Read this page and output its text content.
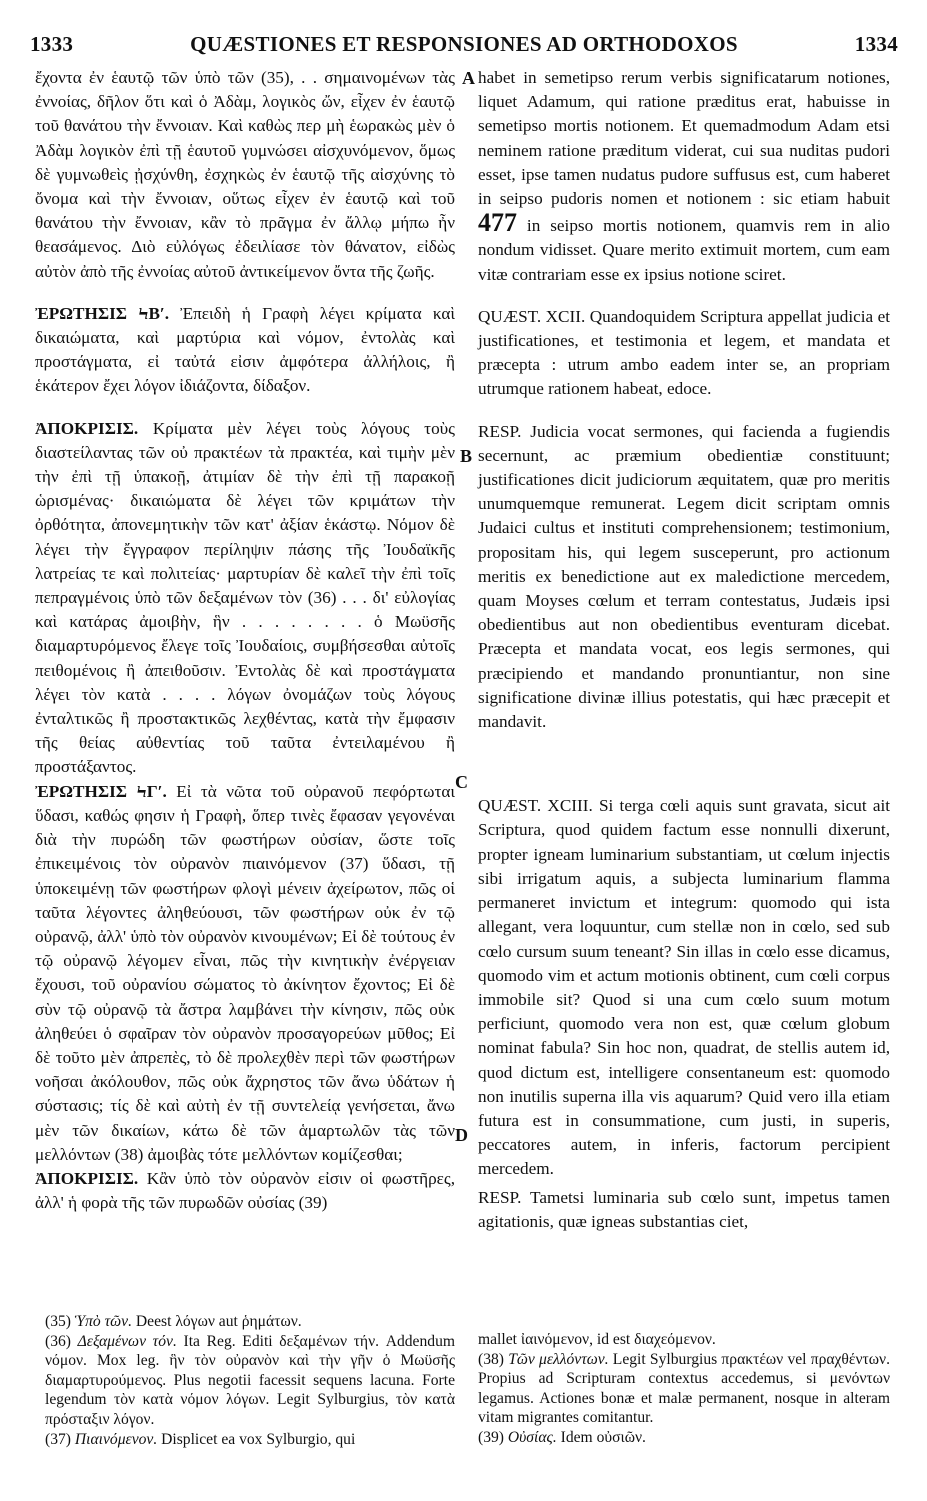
QUÆSTIONES ET RESPONSIONES AD ORTHODOXOS
1333	1334
A
B
C
D

ἔχοντα ἐν ἑαυτῷ τῶν ὑπὸ τῶν (35), . . σημαινομένων τὰς ἐννοίας, δῆλον ὅτι καὶ ὁ Ἀδὰμ, λογικὸς ὤν, εἶχεν ἐν ἑαυτῷ τοῦ θανάτου τὴν ἔννοιαν. Καὶ καθὼς περ μὴ ἑωρακὼς μὲν ὁ Ἀδὰμ λογικὸν ἐπὶ τῇ ἑαυτοῦ γυμνώσει αἰσχυνόμενον, ὅμως δὲ γυμνωθεὶς ᾐσχύνθη, ἐσχηκὼς ἐν ἑαυτῷ τῆς αἰσχύνης τὸ ὄνομα καὶ τὴν ἔννοιαν, οὕτως εἶχεν ἐν ἑαυτῷ καὶ τοῦ θανάτου τὴν ἔννοιαν, κἂν τὸ πρᾶγμα ἐν ἄλλῳ μήπω ἦν θεασάμενος. Διὸ εὐλόγως ἐδειλίασε τὸν θάνατον, εἰδὼς αὐτὸν ἀπὸ τῆς ἐννοίας αὐτοῦ ἀντικείμενον ὄντα τῆς ζωῆς.

ἘΡΩΤΗΣΙΣ ϞΒʹ. Ἐπειδὴ ἡ Γραφὴ λέγει κρίματα καὶ δικαιώματα, καὶ μαρτύρια καὶ νόμον, ἐντολὰς καὶ προστάγματα, εἰ ταὐτά εἰσιν ἀμφότερα ἀλλήλοις, ἢ ἑκάτερον ἔχει λόγον ἰδιάζοντα, δίδαξον.

ἈΠΟΚΡΙΣΙΣ. Κρίματα μὲν λέγει τοὺς λόγους τοὺς διαστείλαντας τῶν οὐ πρακτέων τὰ πρακτέα, καὶ τιμὴν μὲν τὴν ἐπὶ τῇ ὑπακοῇ, ἀτιμίαν δὲ τὴν ἐπὶ τῇ παρακοῇ ὡρισμένας· δικαιώματα δὲ λέγει τῶν κριμάτων τὴν ὀρθότητα, ἀπονεμητικὴν τῶν κατ' ἀξίαν ἑκάστῳ. Νόμον δὲ λέγει τὴν ἔγγραφον περίληψιν πάσης τῆς Ἰουδαϊκῆς λατρείας τε καὶ πολιτείας· μαρτυρίαν δὲ καλεῖ τὴν ἐπὶ τοῖς πεπραγμένοις ὑπὸ τῶν δεξαμένων τὸν (36) . . . δι' εὐλογίας καὶ κατάρας ἀμοιβὴν, ἣν . . . . . . . . ὁ Μωϋσῆς διαμαρτυρόμενος ἔλεγε τοῖς Ἰουδαίοις, συμβήσεσθαι αὐτοῖς πειθομένοις ἢ ἀπειθοῦσιν. Ἐντολὰς δὲ καὶ προστάγματα λέγει τὸν κατὰ . . . . λόγων ὀνομάζων τοὺς λόγους ἐνταλτικῶς ἢ προστακτικῶς λεχθέντας, κατὰ τὴν ἔμφασιν τῆς θείας αὐθεντίας τοῦ ταῦτα ἐντειλαμένου ἢ προστάξαντος.

ἘΡΩΤΗΣΙΣ ϞΓʹ. Εἰ τὰ νῶτα τοῦ οὐρανοῦ πεφόρτωται ὕδασι, καθώς φησιν ἡ Γραφὴ, ὅπερ τινὲς ἔφασαν γεγονέναι διὰ τὴν πυρώδη τῶν φωστήρων οὐσίαν, ὥστε τοῖς ἐπικειμένοις τὸν οὐρανὸν πιαινόμενον (37) ὕδασι, τῇ ὑποκειμένῃ τῶν φωστήρων φλογὶ μένειν ἀχείρωτον, πῶς οἱ ταῦτα λέγοντες ἀληθεύουσι, τῶν φωστήρων οὐκ ἐν τῷ οὐρανῷ, ἀλλ' ὑπὸ τὸν οὐρανὸν κινουμένων; Εἰ δὲ τούτους ἐν τῷ οὐρανῷ λέγομεν εἶναι, πῶς τὴν κινητικὴν ἐνέργειαν ἔχουσι, τοῦ οὐρανίου σώματος τὸ ἀκίνητον ἔχοντος; Εἰ δὲ σὺν τῷ οὐρανῷ τὰ ἄστρα λαμβάνει τὴν κίνησιν, πῶς οὐκ ἀληθεύει ὁ σφαῖραν τὸν οὐρανὸν προσαγορεύων μῦθος; Εἰ δὲ τοῦτο μὲν ἀπρεπὲς, τὸ δὲ προλεχθὲν περὶ τῶν φωστήρων νοῆσαι ἀκόλουθον, πῶς οὐκ ἄχρηστος τῶν ἄνω ὑδάτων ἡ σύστασις; τίς δὲ καὶ αὐτὴ ἐν τῇ συντελείᾳ γενήσεται, ἄνω μὲν τῶν δικαίων, κάτω δὲ τῶν ἁμαρτωλῶν τὰς τῶν μελλόντων (38) ἀμοιβὰς τότε μελλόντων κομίζεσθαι;

ἈΠΟΚΡΙΣΙΣ. Κἂν ὑπὸ τὸν οὐρανὸν εἰσιν οἱ φωστῆρες, ἀλλ' ἡ φορὰ τῆς τῶν πυρωδῶν οὐσίας (39)

habet in semetipso rerum verbis significatarum notiones, liquet Adamum, qui ratione præditus erat, habuisse in semetipso mortis notionem. Et quemadmodum Adam etsi neminem ratione præditum viderat, cui sua nuditas pudori esset, ipse tamen nudatus pudore suffusus est, cum haberet in seipso pudoris nomen et notionem : sic etiam habuit 477 in seipso mortis notionem, quamvis rem in alio nondum vidisset. Quare merito extimuit mortem, cum eam vitæ contrariam esse ex ipsius notione sciret.

QUÆST. XCII. Quandoquidem Scriptura appellat judicia et justificationes, et testimonia et legem, et mandata et præcepta : utrum ambo eadem inter se, an propriam utrumque rationem habeat, edoce.

RESP. Judicia vocat sermones, qui facienda a fugiendis secernunt, ac præmium obedientiæ constituunt; justificationes dicit judiciorum æquitatem, quæ pro meritis unumquemque remunerat. Legem dicit scriptam omnis Judaici cultus et instituti comprehensionem; testimonium, propositam his, qui legem susceperunt, pro actionum meritis ex benedictione aut ex maledictione mercedem, quam Moyses cœlum et terram contestatus, Judæis ipsi obedientibus aut non obedientibus eventuram dicebat. Præcepta et mandata vocat, eos legis sermones, qui præcipiendo et mandando pronuntiantur, non sine significatione divinæ illius potestatis, qui hæc præcepit et mandavit.

QUÆST. XCIII. Si terga cœli aquis sunt gravata, sicut ait Scriptura, quod quidem factum esse nonnulli dixerunt, propter igneam luminarium substantiam, ut cœlum injectis sibi irrigatum aquis, a subjecta luminarium flamma permaneret invictum et integrum: quomodo qui ista allegant, vera loquuntur, cum stellæ non in cœlo, sed sub cœlo cursum suum teneant? Sin illas in cœlo esse dicamus, quomodo vim et actum motionis obtinent, cum cœli corpus immobile sit? Quod si una cum cœlo suum motum perficiunt, quomodo vera non est, quæ cœlum globum nominat fabula? Sin hoc non, quadrat, de stellis autem id, quod dictum est, intelligere consentaneum est: quomodo non inutilis superna illa vis aquarum? Quid vero illa etiam futura est in consummatione, cum justi, in superis, peccatores autem, in inferis, factorum percipient mercedem.

RESP. Tametsi luminaria sub cœlo sunt, impetus tamen agitationis, quæ igneas substantias ciet,

(35) Ὑπὸ τῶν. Deest λόγων aut ῥημάτων.

(36) Δεξαμένων τόν. Ita Reg. Editi δεξαμένων τήν. Addendum νόμον. Mox leg. ἣν τὸν οὐρανὸν καὶ τὴν γῆν ὁ Μωϋσῆς διαμαρτυρούμενος. Plus negotii facessit sequens lacuna. Forte legendum τὸν κατὰ νόμον λόγων. Legit Sylburgius, τὸν κατὰ πρόσταξιν λόγον.

(37) Πιαινόμενον. Displicet ea vox Sylburgio, qui

mallet ἰαινόμενον, id est διαχεόμενον.

(38) Τῶν μελλόντων. Legit Sylburgius πρακτέων vel πραχθέντων. Propius ad Scripturam contextus accedemus, si μενόντων legamus. Actiones bonæ et malæ permanent, nosque in alteram vitam migrantes comitantur.

(39) Οὐσίας. Idem οὐσιῶν.
